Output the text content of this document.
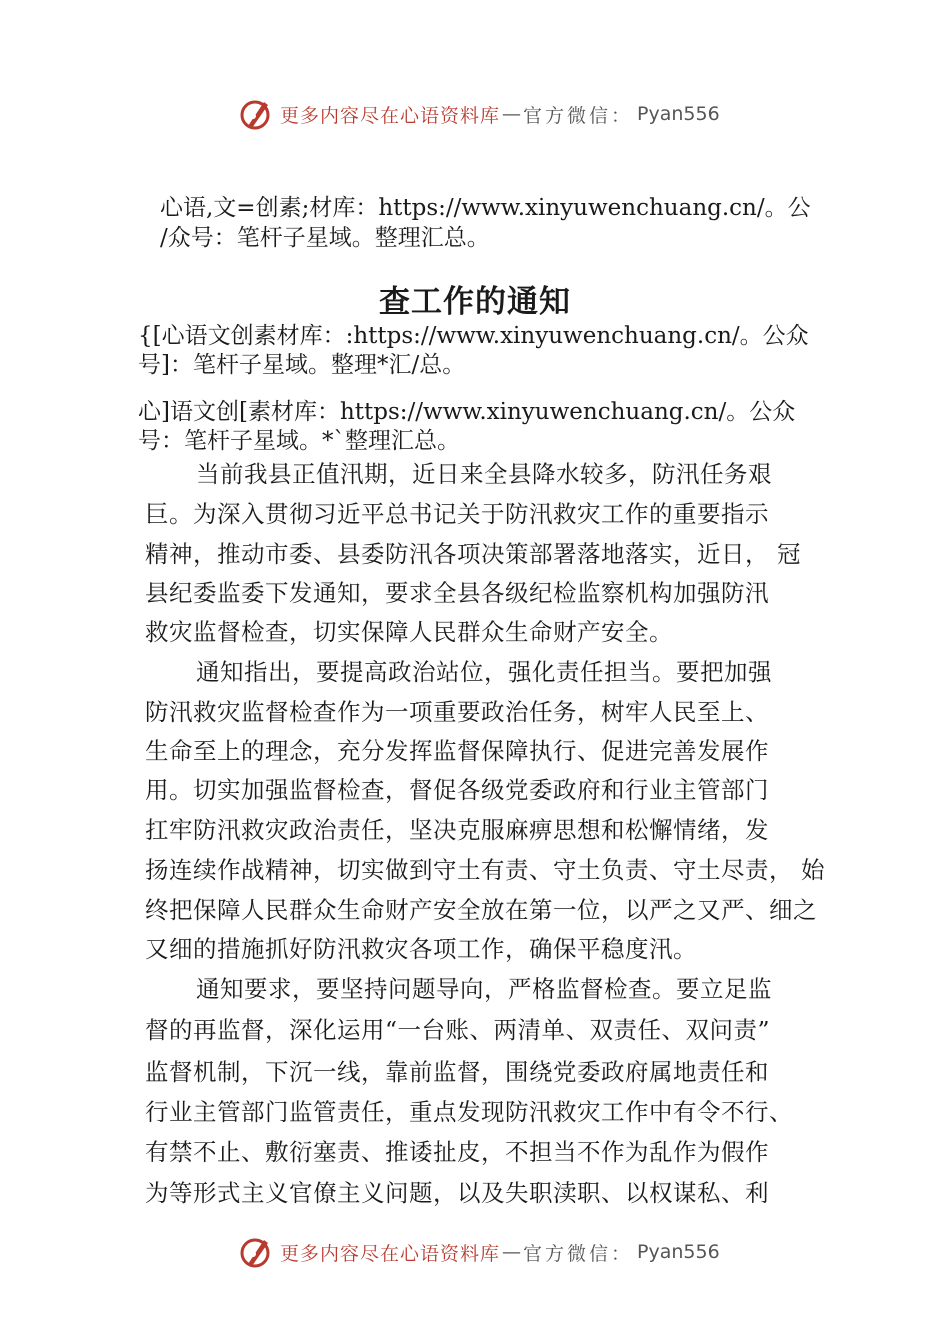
更多内容尽在心语资料库 — 官方微信： Pyan556
心语,文=创素;材库：https://www.xinyuwenchuang.cn/。公
/众号：笔杆子星域。整理汇总。
查工作的通知
{[心语文创素材库：:https://www.xinyuwenchuang.cn/。公众
号]：笔杆子星域。整理*汇/总。
心]语文创[素材库：https://www.xinyuwenchuang.cn/。公众
号：笔杆子星域。*`整理汇总。
当前我县正值汛期，近日来全县降水较多，防汛任务艰
巨。为深入贯彻习近平总书记关于防汛救灾工作的重要指示
精神，推动市委、县委防汛各项决策部署落地落实，近日， 冠
县纪委监委下发通知，要求全县各级纪检监察机构加强防汛
救灾监督检查，切实保障人民群众生命财产安全。
通知指出，要提高政治站位，强化责任担当。要把加强
防汛救灾监督检查作为一项重要政治任务，树牢人民至上、
生命至上的理念，充分发挥监督保障执行、促进完善发展作
用。切实加强监督检查，督促各级党委政府和行业主管部门
扛牢防汛救灾政治责任，坚决克服麻痹思想和松懈情绪，发
扬连续作战精神，切实做到守土有责、守土负责、守土尽责， 始
终把保障人民群众生命财产安全放在第一位，以严之又严、细之
又细的措施抓好防汛救灾各项工作，确保平稳度汛。
通知要求，要坚持问题导向，严格监督检查。要立足监
督的再监督，深化运用“一台账、两清单、双责任、双问责”
监督机制，下沉一线，靠前监督，围绕党委政府属地责任和
行业主管部门监管责任，重点发现防汛救灾工作中有令不行、
有禁不止、敷衍塞责、推诿扯皮，不担当不作为乱作为假作
为等形式主义官僚主义问题，以及失职渎职、以权谋私、利
更多内容尽在心语资料库 — 官方微信： Pyan556
